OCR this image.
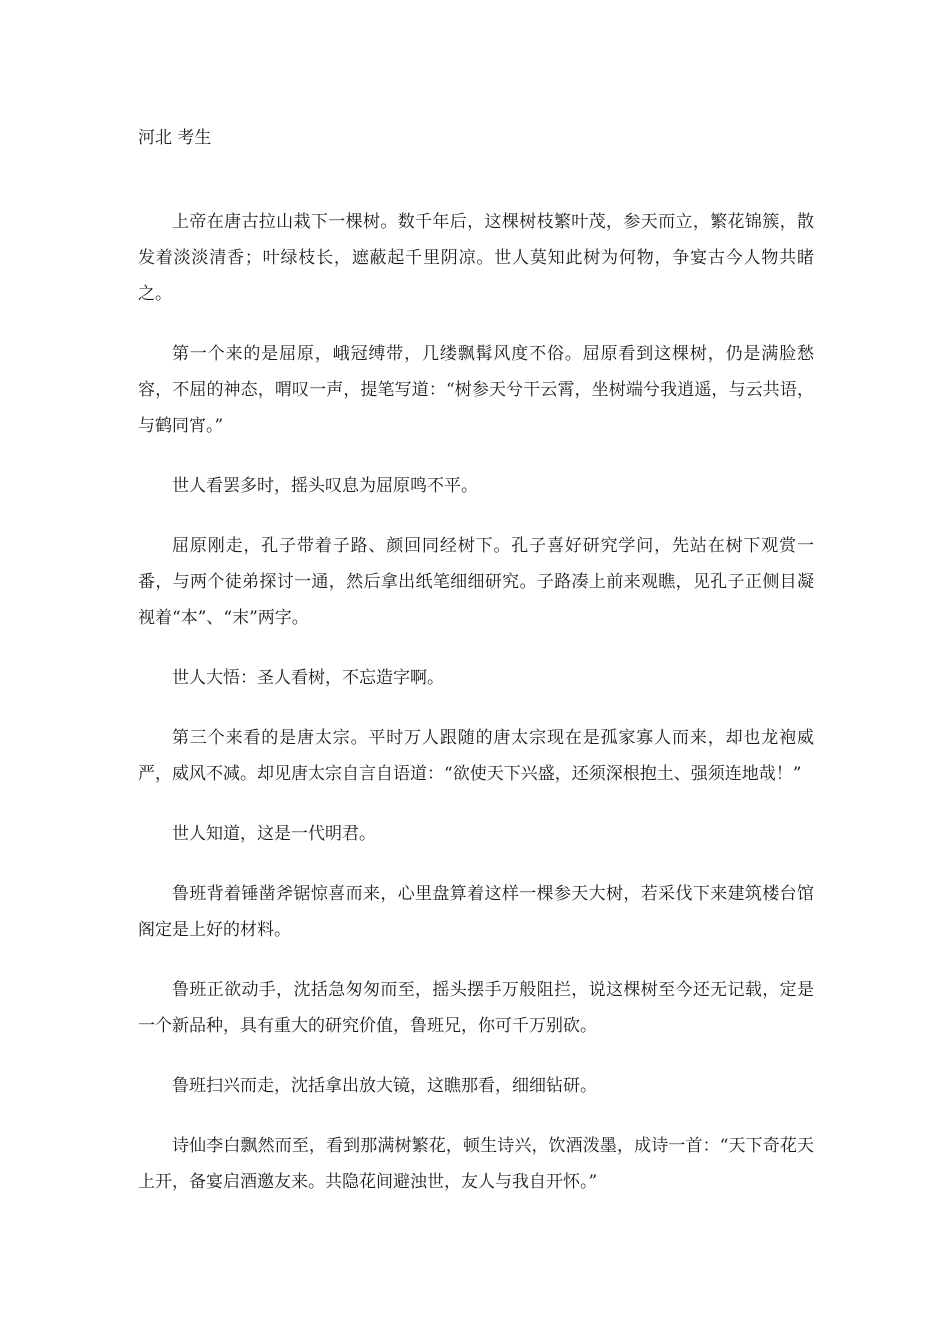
河北 考生

上帝在唐古拉山栽下一棵树。数千年后，这棵树枝繁叶茂，参天而立，繁花锦簇，散发着淡淡清香；叶绿枝长，遮蔽起千里阴凉。世人莫知此树为何物，争宴古今人物共睹之。

第一个来的是屈原，峨冠缚带，几缕飘髯风度不俗。屈原看到这棵树，仍是满脸愁容，不屈的神态，喟叹一声，提笔写道：“树参天兮干云霄，坐树端兮我逍遥，与云共语，与鹤同宵。”

世人看罢多时，摇头叹息为屈原鸣不平。

屈原刚走，孔子带着子路、颜回同经树下。孔子喜好研究学问，先站在树下观赏一番，与两个徒弟探讨一通，然后拿出纸笔细细研究。子路凑上前来观瞧，见孔子正侧目凝视着“本”、“末”两字。

世人大悟：圣人看树，不忘造字啊。

第三个来看的是唐太宗。平时万人跟随的唐太宗现在是孤家寡人而来，却也龙袍威严，威风不减。却见唐太宗自言自语道：“欲使天下兴盛，还须深根抱土、强须连地哉！”

世人知道，这是一代明君。

鲁班背着锤凿斧锯惊喜而来，心里盘算着这样一棵参天大树，若采伐下来建筑楼台馆阁定是上好的材料。

鲁班正欲动手，沈括急匆匆而至，摇头摆手万般阻拦，说这棵树至今还无记载，定是一个新品种，具有重大的研究价值，鲁班兄，你可千万别砍。

鲁班扫兴而走，沈括拿出放大镜，这瞧那看，细细钻研。

诗仙李白飘然而至，看到那满树繁花，顿生诗兴，饮酒泼墨，成诗一首：“天下奇花天上开，备宴启酒邀友来。共隐花间避浊世，友人与我自开怀。”
